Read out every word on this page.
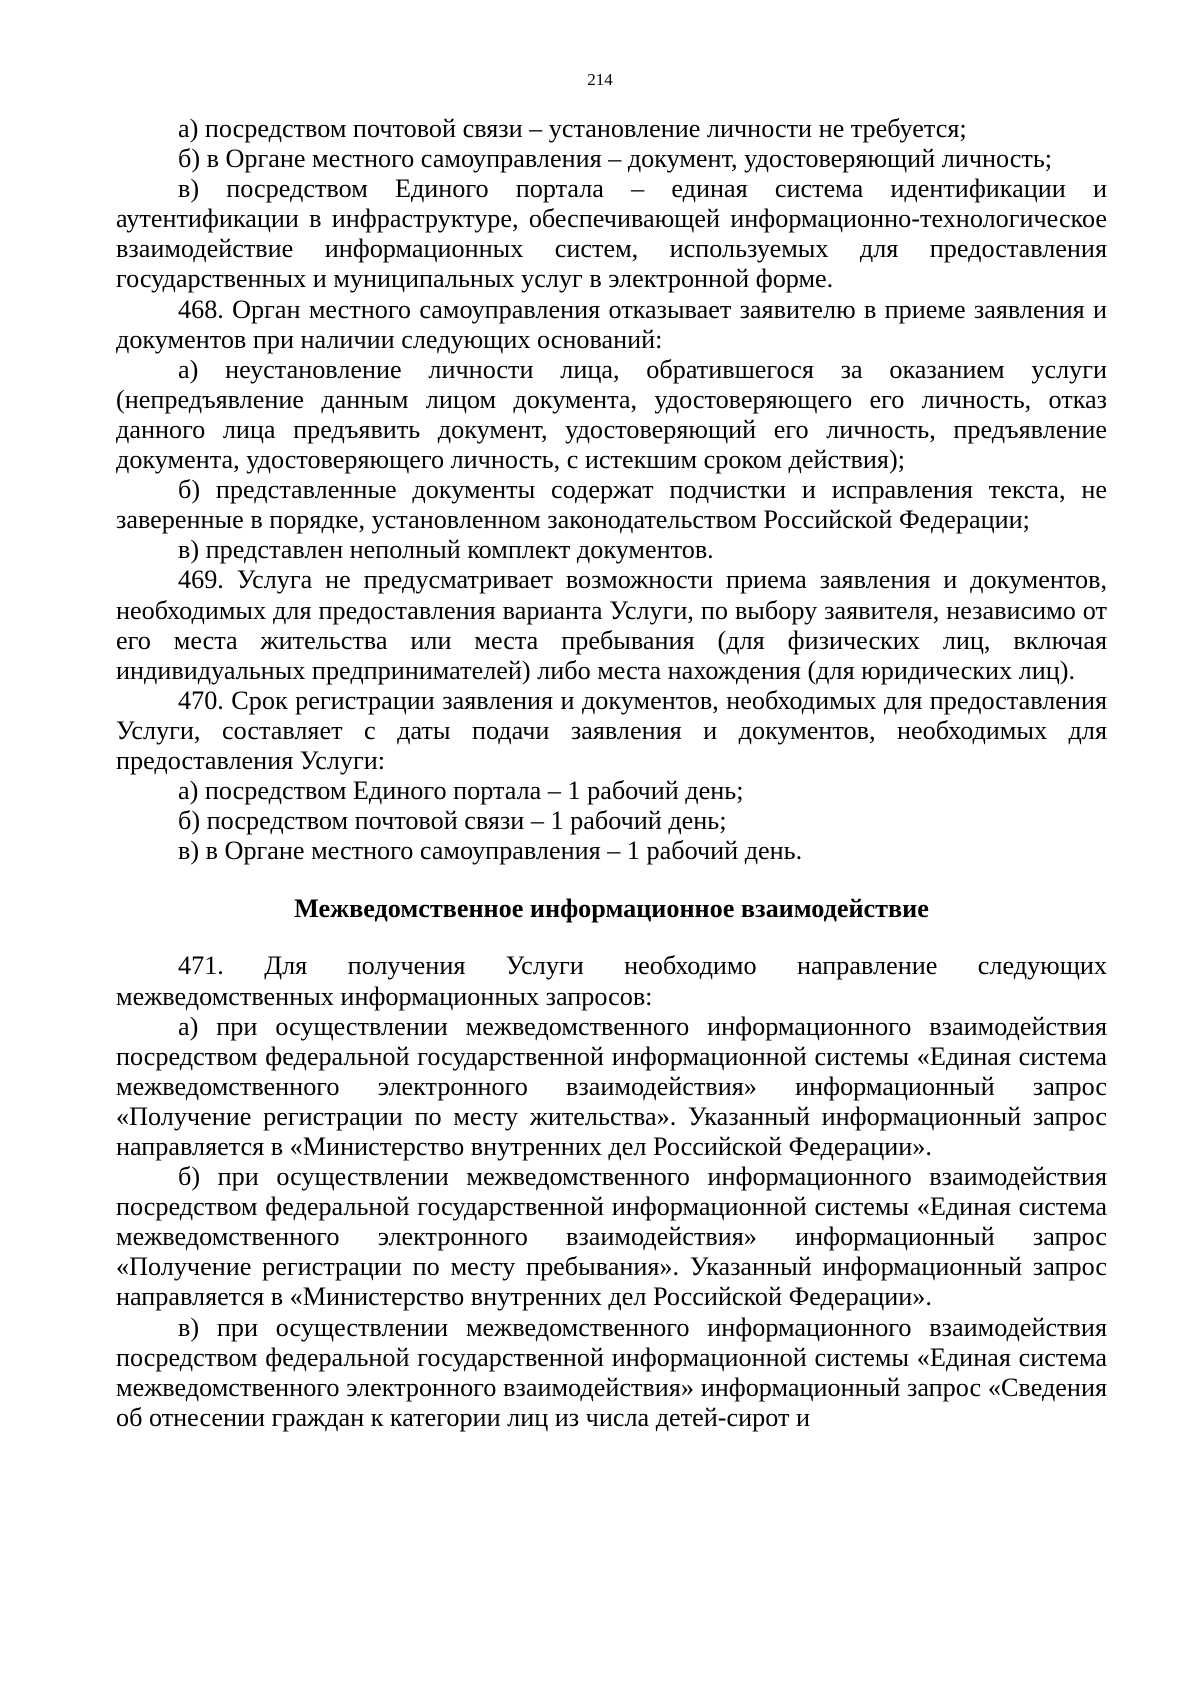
214

а) посредством почтовой связи – установление личности не требуется;

б) в Органе местного самоуправления – документ, удостоверяющий личность;

в) посредством Единого портала – единая система идентификации и аутентификации в инфраструктуре, обеспечивающей информационно-технологическое взаимодействие информационных систем, используемых для предоставления государственных и муниципальных услуг в электронной форме.

468. Орган местного самоуправления отказывает заявителю в приеме заявления и документов при наличии следующих оснований:

а) неустановление личности лица, обратившегося за оказанием услуги (непредъявление данным лицом документа, удостоверяющего его личность, отказ данного лица предъявить документ, удостоверяющий его личность, предъявление документа, удостоверяющего личность, с истекшим сроком действия);

б) представленные документы содержат подчистки и исправления текста, не заверенные в порядке, установленном законодательством Российской Федерации;

в) представлен неполный комплект документов.

469. Услуга не предусматривает возможности приема заявления и документов, необходимых для предоставления варианта Услуги, по выбору заявителя, независимо от его места жительства или места пребывания (для физических лиц, включая индивидуальных предпринимателей) либо места нахождения (для юридических лиц).

470. Срок регистрации заявления и документов, необходимых для предоставления Услуги, составляет с даты подачи заявления и документов, необходимых для предоставления Услуги:

а) посредством Единого портала – 1 рабочий день;

б) посредством почтовой связи – 1 рабочий день;

в) в Органе местного самоуправления – 1 рабочий день.

Межведомственное информационное взаимодействие

471. Для получения Услуги необходимо направление следующих межведомственных информационных запросов:

а) при осуществлении межведомственного информационного взаимодействия посредством федеральной государственной информационной системы «Единая система межведомственного электронного взаимодействия» информационный запрос «Получение регистрации по месту жительства». Указанный информационный запрос направляется в «Министерство внутренних дел Российской Федерации».

б) при осуществлении межведомственного информационного взаимодействия посредством федеральной государственной информационной системы «Единая система межведомственного электронного взаимодействия» информационный запрос «Получение регистрации по месту пребывания». Указанный информационный запрос направляется в «Министерство внутренних дел Российской Федерации».

в) при осуществлении межведомственного информационного взаимодействия посредством федеральной государственной информационной системы «Единая система межведомственного электронного взаимодействия» информационный запрос «Сведения об отнесении граждан к категории лиц из числа детей-сирот и
